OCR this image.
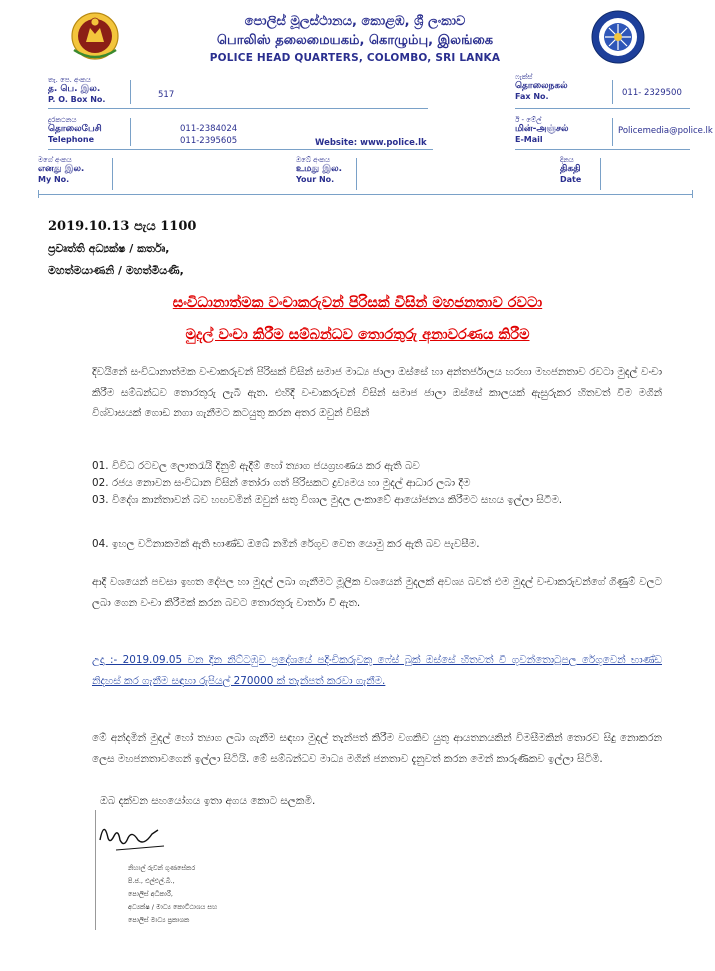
පොලිස් මූලස්ථානය, කොළඹ, ශ්‍රී ලංකාව
பொலிஸ் தலைமையகம், கொழும்பு, இலங்கை
POLICE HEAD QUARTERS, COLOMBO, SRI LANKA
තැ. පෙ. අංකය
த. பெ. இல.
P. O. Box No.	517
ෆැක්ස්
தொலைநகல்
Fax No.	011- 2329500
දුරකථනය
தொலைபேசி
Telephone
011-2384024
011-2395605	Website: www.police.lk
ඊ - මේල්
மின்-அஞ்சல்
E-Mail
Policemedia@police.lk
මගේ අංකය
எனது இல.
My No.
ඔබේ අංකය
உமது இல.
Your No.
දිනය
திகதி
Date
2019.10.13 පැය 1100
ප්‍රවෘත්ති අධ්‍යක්ෂ / කර්තෘ,
මහත්මයාණනි / මහත්මියණි,
සංවිධානාත්මක වංචාකරුවන් පිරිසක් විසින් මහජනතාව රවටා
මුදල් වංචා කිරීම සම්බන්ධව තොරතුරු අනාවරණය කිරීම
දිවයිනේ සංවිධානාත්මක වංචාකරුවන් පිරිසක් විසින් සමාජ මාධ්‍ය ජාලා ඔස්සේ හා අන්තර්ජාලය හරහා මහජනතාව රවටා මුදල් වංචා කිරීම සම්බන්ධව තොරතුරු ලැබී ඇත. එහිදී වංචාකරුවන් විසින් සමාජ ජාලා ඔස්සේ කාලයක් ඇසුරුකර හිතවත් වීම මගින් විශ්වාසයක් ගොඩ නගා ගැනීමට කටයුතු කරන අතර ඔවුන් විසින්
01. විවිධ රටවල ලොතරැයි දිනුම් ඇදීම් හෝ ත්‍යාග ජයග්‍රහණය කර ඇති බව
02. රජය නොවන සංවිධාන විසින් තෝරා ගත් පිරිසකට ද්‍රව්‍යමය හා මුදල් ආධාර ලබා දීම
03. විදේශ කාන්තාවන් බව හඟවමින් ඔවුන් සතු විශාල මුදල ලංකාවේ ආයෝජනය කිරීමට සහය ඉල්ලා සිටීම.
04. ඉහල වටිනාකමක් ඇති භාණ්ඩ ඔබේ නමින් රේගුව වෙත යොමු කර ඇති බව පැවසීම.
ආදී වශයෙන් පවසා ඉහත දේපල හා මුදල් ලබා ගැනීමට මූලික වශයෙන් මුදලක් අවශ්‍ය බවත් එම මුදල් වංචාකරුවන්ගේ ගිණුම් වලට ලබා ගෙන වංචා කිරීමක් කරන බවට තොරතුරු වාර්තා වී ඇත.
උදා :- 2019.09.05 වන දින නිට්ටඹුව ප්‍රදේශයේ පදිංචිකරුවකු ෆේස් බුක් ඔස්සේ හිතවත් වී ගුවන්තොටුපල රේගුවෙන් භාණ්ඩ නිදහස් කර ගැනීම සඳහා රුපියල් 270000 ක් තැන්පත් කරවා ගැනීම.
මේ අන්දමින් මුදල් හෝ ත්‍යාග ලබා ගැනීම සඳහා මුදල් තැන්පත් කිරීම වගකිව යුතු ආයතනයකින් විමසීමකින් තොරව සිදු නොකරන ලෙස මහජනතාවගෙන් ඉල්ලා සිටියි. මේ සම්බන්ධව මාධ්‍ය මගින් ජනතාව දැනුවත් කරන මෙන් කාරුණිකව ඉල්ලා සිටිමි.
ඔබ දක්වන සහයෝගය ඉතා අගය කොට සලකමි.
නිහාල් රුවන් ගුණසේකර
පි.ජ., එල්එල්.බී.,
පොලිස් අධිකාරී,
අධ්‍යක්ෂ / මාධ්‍ය කොට්ඨාශය සහ
පොලිස් මාධ්‍ය ප්‍රකාශක
